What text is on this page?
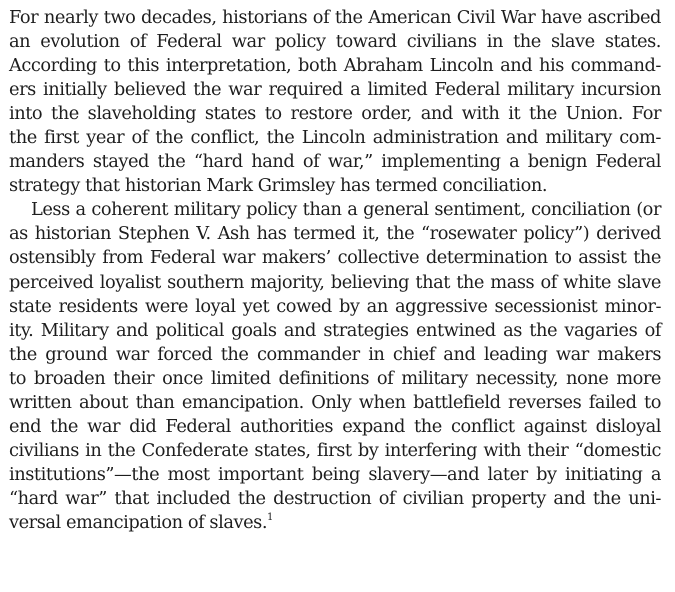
For nearly two decades, historians of the American Civil War have ascribed
an evolution of Federal war policy toward civilians in the slave states.
According to this interpretation, both Abraham Lincoln and his command-
ers initially believed the war required a limited Federal military incursion
into the slaveholding states to restore order, and with it the Union. For
the first year of the conflict, the Lincoln administration and military com-
manders stayed the “hard hand of war,” implementing a benign Federal
strategy that historian Mark Grimsley has termed conciliation.
Less a coherent military policy than a general sentiment, conciliation (or
as historian Stephen V. Ash has termed it, the “rosewater policy”) derived
ostensibly from Federal war makers’ collective determination to assist the
perceived loyalist southern majority, believing that the mass of white slave
state residents were loyal yet cowed by an aggressive secessionist minor-
ity. Military and political goals and strategies entwined as the vagaries of
the ground war forced the commander in chief and leading war makers
to broaden their once limited definitions of military necessity, none more
written about than emancipation. Only when battlefield reverses failed to
end the war did Federal authorities expand the conflict against disloyal
civilians in the Confederate states, first by interfering with their “domestic
institutions”—the most important being slavery—and later by initiating a
“hard war” that included the destruction of civilian property and the uni-
versal emancipation of slaves.$^1$
